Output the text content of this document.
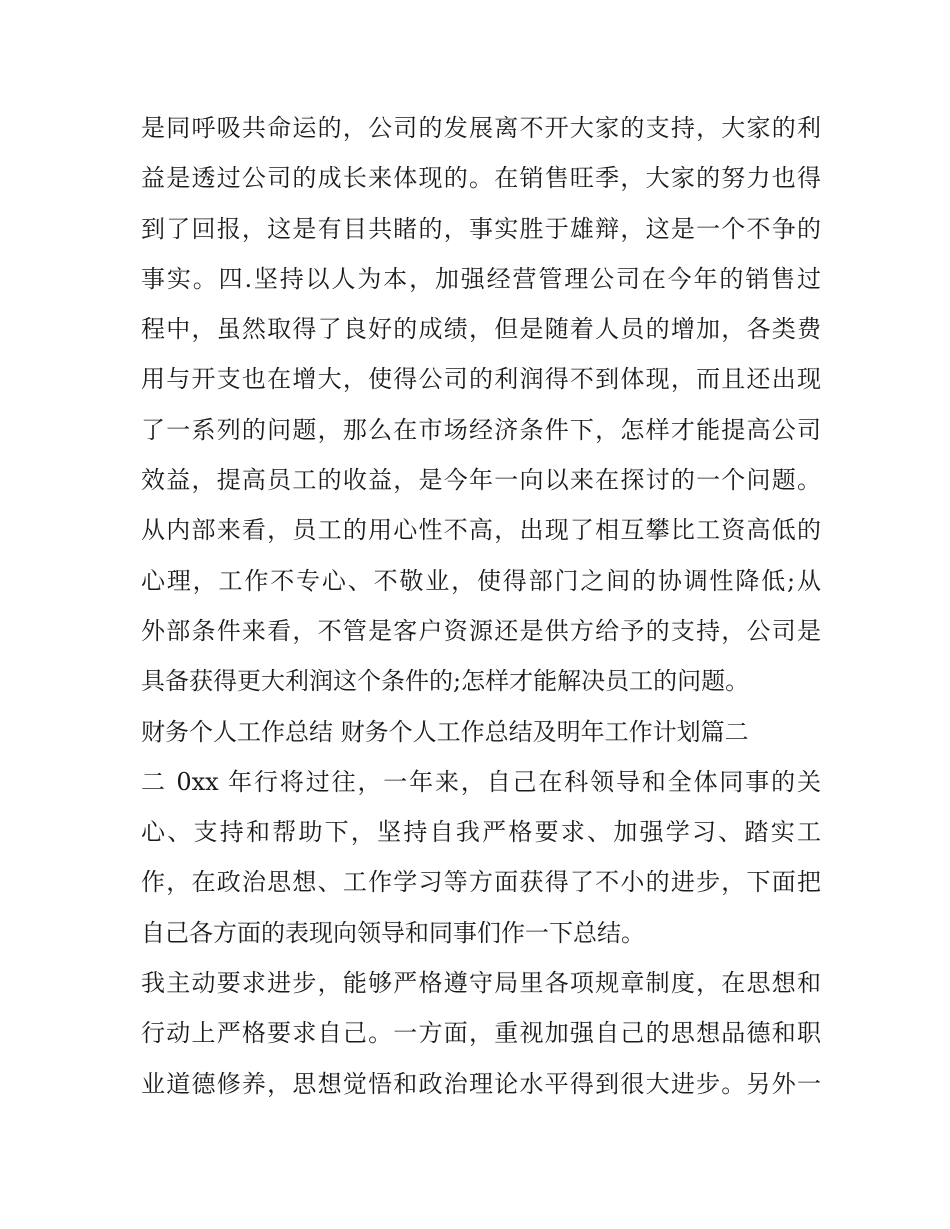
是同呼吸共命运的，公司的发展离不开大家的支持，大家的利
益是透过公司的成长来体现的。在销售旺季，大家的努力也得
到了回报，这是有目共睹的，事实胜于雄辩，这是一个不争的
事实。四.坚持以人为本，加强经营管理公司在今年的销售过
程中，虽然取得了良好的成绩，但是随着人员的增加，各类费
用与开支也在增大，使得公司的利润得不到体现，而且还出现
了一系列的问题，那么在市场经济条件下，怎样才能提高公司
效益，提高员工的收益，是今年一向以来在探讨的一个问题。
从内部来看，员工的用心性不高，出现了相互攀比工资高低的
心理，工作不专心、不敬业，使得部门之间的协调性降低;从
外部条件来看，不管是客户资源还是供方给予的支持，公司是
具备获得更大利润这个条件的;怎样才能解决员工的问题。
财务个人工作总结 财务个人工作总结及明年工作计划篇二
二 0xx 年行将过往，一年来，自己在科领导和全体同事的关
心、支持和帮助下，坚持自我严格要求、加强学习、踏实工
作，在政治思想、工作学习等方面获得了不小的进步，下面把
自己各方面的表现向领导和同事们作一下总结。
我主动要求进步，能够严格遵守局里各项规章制度，在思想和
行动上严格要求自己。一方面，重视加强自己的思想品德和职
业道德修养，思想觉悟和政治理论水平得到很大进步。另外一
